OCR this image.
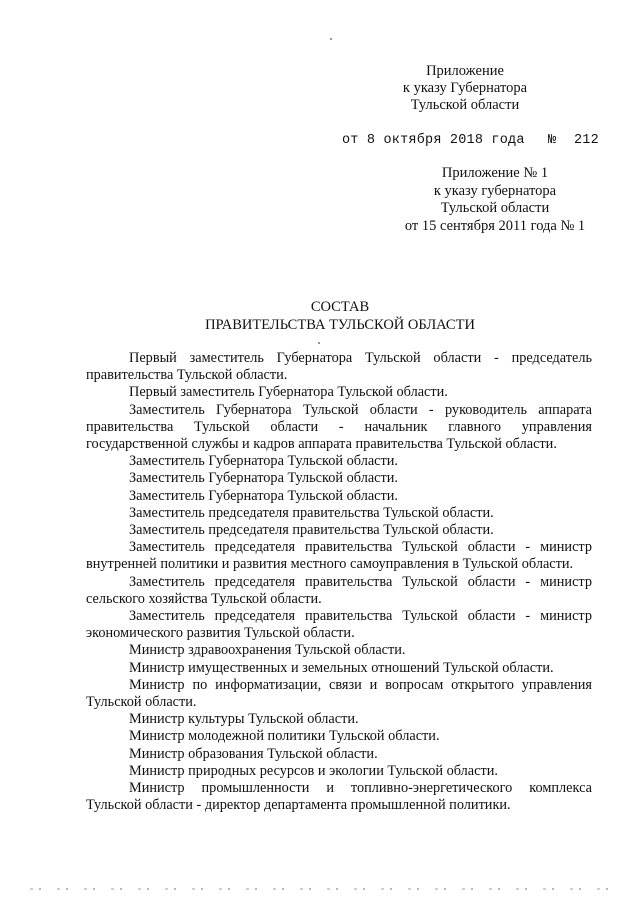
Приложение
к указу Губернатора
Тульской области
от 8 октября 2018 года № 212
Приложение № 1
к указу губернатора
Тульской области
от 15 сентября 2011 года № 1
СОСТАВ
ПРАВИТЕЛЬСТВА ТУЛЬСКОЙ ОБЛАСТИ

Первый заместитель Губернатора Тульской области - председатель правительства Тульской области.

Первый заместитель Губернатора Тульской области.

Заместитель Губернатора Тульской области - руководитель аппарата правительства Тульской области - начальник главного управления государственной службы и кадров аппарата правительства Тульской области.

Заместитель Губернатора Тульской области.

Заместитель Губернатора Тульской области.

Заместитель Губернатора Тульской области.

Заместитель председателя правительства Тульской области.

Заместитель председателя правительства Тульской области.

Заместитель председателя правительства Тульской области - министр внутренней политики и развития местного самоуправления в Тульской области.

Заместитель председателя правительства Тульской области - министр сельского хозяйства Тульской области.

Заместитель председателя правительства Тульской области - министр экономического развития Тульской области.

Министр здравоохранения Тульской области.

Министр имущественных и земельных отношений Тульской области.

Министр по информатизации, связи и вопросам открытого управления Тульской области.

Министр культуры Тульской области.

Министр молодежной политики Тульской области.

Министр образования Тульской области.

Министр природных ресурсов и экологии Тульской области.

Министр промышленности и топливно-энергетического комплекса Тульской области - директор департамента промышленной политики.
